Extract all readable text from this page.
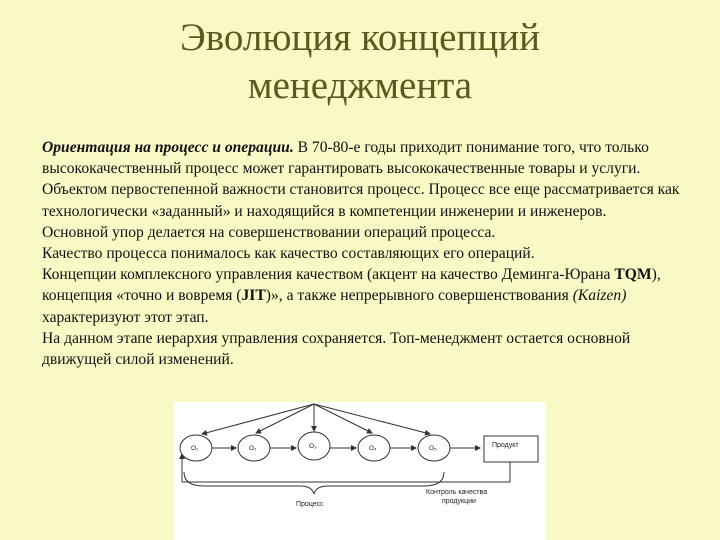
Эволюция концепций
менеджмента

Ориентация на процесс и операции. В 70-80-е годы приходит понимание того, что только высококачественный процесс может гарантировать высококачественные товары и услуги. Объектом первостепенной важности становится процесс. Процесс все еще рассматривается как технологически «заданный» и находящийся в компетенции инженерии и инженеров.

Основной упор делается на совершенствовании операций процесса.

Качество процесса понималось как качество составляющих его операций.

Концепции комплексного управления качеством (акцент на качество Деминга-Юрана TQM), концепция «точно и вовремя (JIT)», а также непрерывного совершенствования (Kaizen) характеризуют этот этап.

На данном этапе иерархия управления сохраняется. Топ-менеджмент остается основной движущей силой изменений.

O₁	O₂	O₃	O₄	O₅	Продукт
Процесс
Контроль качества
продукции
